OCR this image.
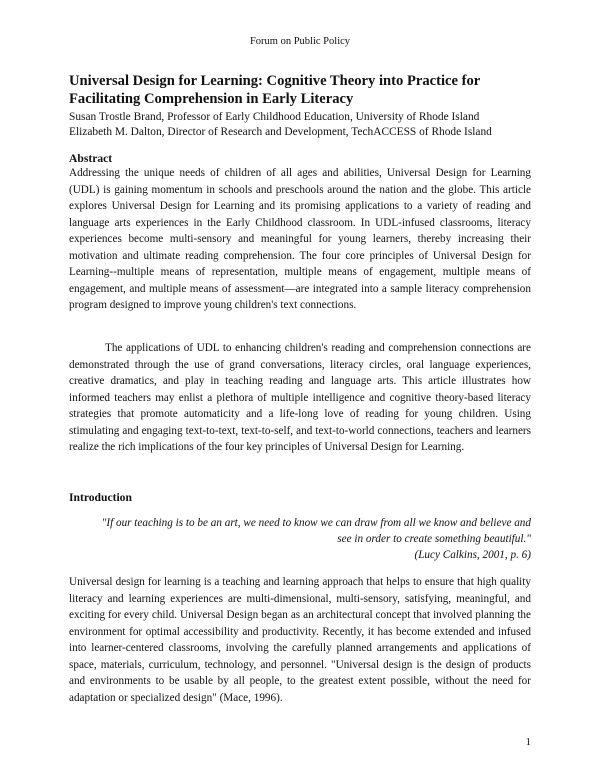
Forum on Public Policy
Universal Design for Learning: Cognitive Theory into Practice for Facilitating Comprehension in Early Literacy
Susan Trostle Brand, Professor of Early Childhood Education, University of Rhode Island
Elizabeth M. Dalton, Director of Research and Development, TechACCESS of Rhode Island
Abstract
Addressing the unique needs of children of all ages and abilities, Universal Design for Learning (UDL) is gaining momentum in schools and preschools around the nation and the globe. This article explores Universal Design for Learning and its promising applications to a variety of reading and language arts experiences in the Early Childhood classroom. In UDL-infused classrooms, literacy experiences become multi-sensory and meaningful for young learners, thereby increasing their motivation and ultimate reading comprehension. The four core principles of Universal Design for Learning--multiple means of representation, multiple means of engagement, multiple means of engagement, and multiple means of assessment—are integrated into a sample literacy comprehension program designed to improve young children's text connections.
The applications of UDL to enhancing children's reading and comprehension connections are demonstrated through the use of grand conversations, literacy circles, oral language experiences, creative dramatics, and play in teaching reading and language arts. This article illustrates how informed teachers may enlist a plethora of multiple intelligence and cognitive theory-based literacy strategies that promote automaticity and a life-long love of reading for young children. Using stimulating and engaging text-to-text, text-to-self, and text-to-world connections, teachers and learners realize the rich implications of the four key principles of Universal Design for Learning.
Introduction
"If our teaching is to be an art, we need to know we can draw from all we know and believe and
see in order to create something beautiful."
(Lucy Calkins, 2001, p. 6)
Universal design for learning is a teaching and learning approach that helps to ensure that high quality literacy and learning experiences are multi-dimensional, multi-sensory, satisfying, meaningful, and exciting for every child. Universal Design began as an architectural concept that involved planning the environment for optimal accessibility and productivity. Recently, it has become extended and infused into learner-centered classrooms, involving the carefully planned arrangements and applications of space, materials, curriculum, technology, and personnel. "Universal design is the design of products and environments to be usable by all people, to the greatest extent possible, without the need for adaptation or specialized design" (Mace, 1996).
1
